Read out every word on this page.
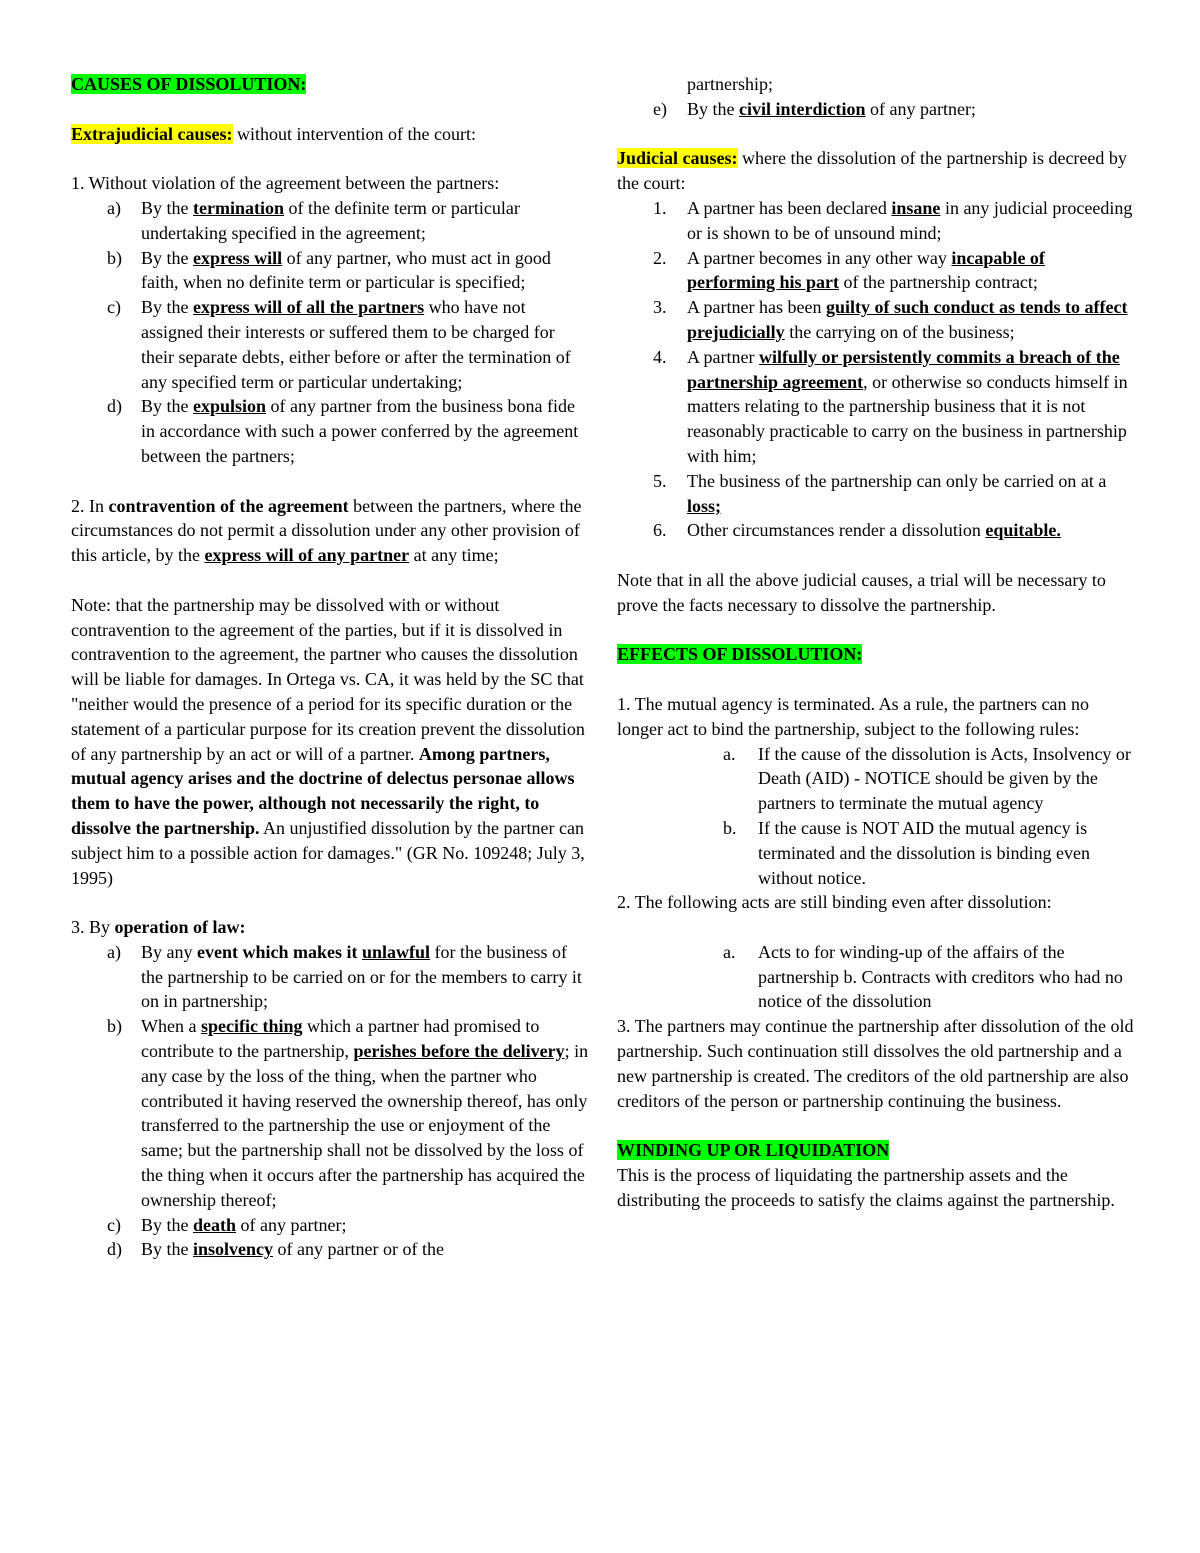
CAUSES OF DISSOLUTION:

Extrajudicial causes: without intervention of the court:

1. Without violation of the agreement between the partners:

a) By the termination of the definite term or particular undertaking specified in the agreement;
b) By the express will of any partner, who must act in good faith, when no definite term or particular is specified;
c) By the express will of all the partners who have not assigned their interests or suffered them to be charged for their separate debts, either before or after the termination of any specified term or particular undertaking;
d) By the expulsion of any partner from the business bona fide in accordance with such a power conferred by the agreement between the partners;

2. In contravention of the agreement between the partners, where the circumstances do not permit a dissolution under any other provision of this article, by the express will of any partner at any time;

Note: that the partnership may be dissolved with or without contravention to the agreement of the parties, but if it is dissolved in contravention to the agreement, the partner who causes the dissolution will be liable for damages. In Ortega vs. CA, it was held by the SC that "neither would the presence of a period for its specific duration or the statement of a particular purpose for its creation prevent the dissolution of any partnership by an act or will of a partner. Among partners, mutual agency arises and the doctrine of delectus personae allows them to have the power, although not necessarily the right, to dissolve the partnership. An unjustified dissolution by the partner can subject him to a possible action for damages." (GR No. 109248; July 3, 1995)

3. By operation of law:

a) By any event which makes it unlawful for the business of the partnership to be carried on or for the members to carry it on in partnership;
b) When a specific thing which a partner had promised to contribute to the partnership, perishes before the delivery; in any case by the loss of the thing, when the partner who contributed it having reserved the ownership thereof, has only transferred to the partnership the use or enjoyment of the same; but the partnership shall not be dissolved by the loss of the thing when it occurs after the partnership has acquired the ownership thereof;
c) By the death of any partner;
d) By the insolvency of any partner or of the
partnership;
e) By the civil interdiction of any partner;

Judicial causes: where the dissolution of the partnership is decreed by the court:

1. A partner has been declared insane in any judicial proceeding or is shown to be of unsound mind;
2. A partner becomes in any other way incapable of performing his part of the partnership contract;
3. A partner has been guilty of such conduct as tends to affect prejudicially the carrying on of the business;
4. A partner wilfully or persistently commits a breach of the partnership agreement, or otherwise so conducts himself in matters relating to the partnership business that it is not reasonably practicable to carry on the business in partnership with him;
5. The business of the partnership can only be carried on at a loss;
6. Other circumstances render a dissolution equitable.

Note that in all the above judicial causes, a trial will be necessary to prove the facts necessary to dissolve the partnership.

EFFECTS OF DISSOLUTION:

1. The mutual agency is terminated. As a rule, the partners can no longer act to bind the partnership, subject to the following rules:

a. If the cause of the dissolution is Acts, Insolvency or Death (AID) - NOTICE should be given by the partners to terminate the mutual agency
b. If the cause is NOT AID the mutual agency is terminated and the dissolution is binding even without notice.

2. The following acts are still binding even after dissolution:

a. Acts to for winding-up of the affairs of the partnership b. Contracts with creditors who had no notice of the dissolution

3. The partners may continue the partnership after dissolution of the old partnership. Such continuation still dissolves the old partnership and a new partnership is created. The creditors of the old partnership are also creditors of the person or partnership continuing the business.

WINDING UP OR LIQUIDATION

This is the process of liquidating the partnership assets and the distributing the proceeds to satisfy the claims against the partnership.
